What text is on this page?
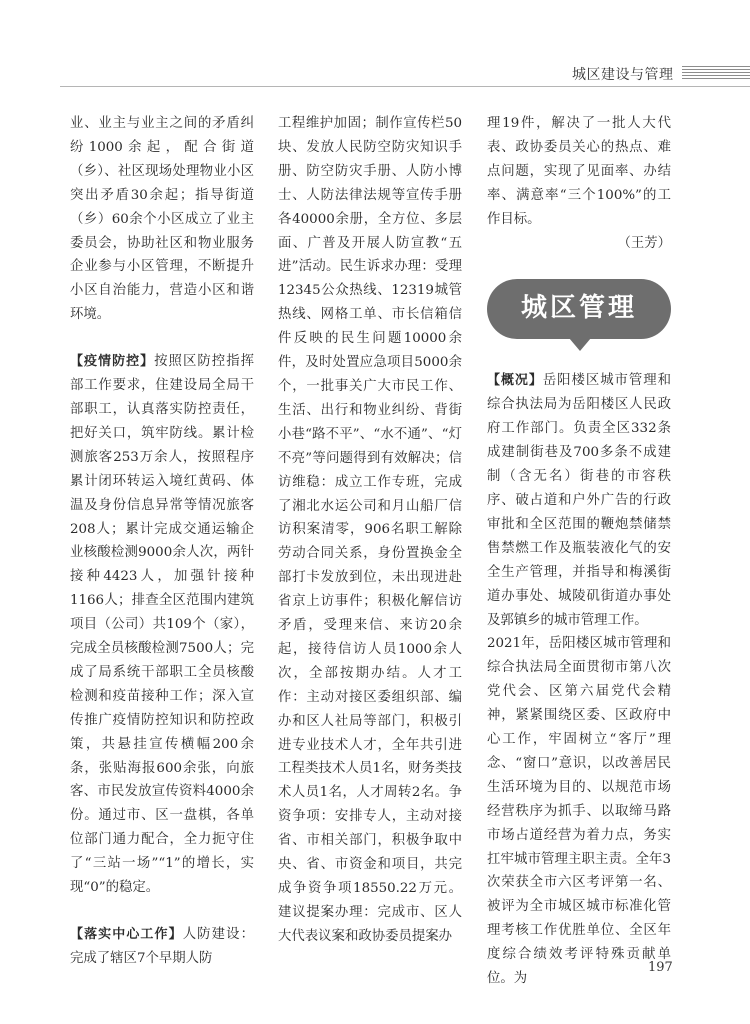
城区建设与管理

业、业主与业主之间的矛盾纠纷1000余起，配合街道（乡）、社区现场处理物业小区突出矛盾30余起；指导街道（乡）60余个小区成立了业主委员会，协助社区和物业服务企业参与小区管理，不断提升小区自治能力，营造小区和谐环境。

【疫情防控】按照区防控指挥部工作要求，住建设局全局干部职工，认真落实防控责任，把好关口，筑牢防线。累计检测旅客253万余人，按照程序累计闭环转运入境红黄码、体温及身份信息异常等情况旅客208人；累计完成交通运输企业核酸检测9000余人次，两针接种4423人，加强针接种1166人；排查全区范围内建筑项目（公司）共109个（家），完成全员核酸检测7500人；完成了局系统干部职工全员核酸检测和疫苗接种工作；深入宣传推广疫情防控知识和防控政策，共悬挂宣传横幅200余条，张贴海报600余张，向旅客、市民发放宣传资料4000余份。通过市、区一盘棋，各单位部门通力配合，全力扼守住了“三站一场”“1”的增长，实现“0”的稳定。

【落实中心工作】人防建设：完成了辖区7个早期人防

工程维护加固；制作宣传栏50块、发放人民防空防灾知识手册、防空防灾手册、人防小博士、人防法律法规等宣传手册各40000余册，全方位、多层面、广普及开展人防宣教“五进”活动。民生诉求办理：受理12345公众热线、12319城管热线、网格工单、市长信箱信件反映的民生问题10000余件，及时处置应急项目5000余个，一批事关广大市民工作、生活、出行和物业纠纷、背街小巷“路不平”、“水不通”、“灯不亮”等问题得到有效解决；信访维稳：成立工作专班，完成了湘北水运公司和月山船厂信访积案清零，906名职工解除劳动合同关系，身份置换金全部打卡发放到位，未出现进赴省京上访事件；积极化解信访矛盾，受理来信、来访20余起，接待信访人员1000余人次，全部按期办结。人才工作：主动对接区委组织部、编办和区人社局等部门，积极引进专业技术人才，全年共引进工程类技术人员1名，财务类技术人员1名，人才周转2名。争资争项：安排专人，主动对接省、市相关部门，积极争取中央、省、市资金和项目，共完成争资争项18550.22万元。建议提案办理：完成市、区人大代表议案和政协委员提案办

理19件，解决了一批人大代表、政协委员关心的热点、难点问题，实现了见面率、办结率、满意率“三个100%”的工作目标。

（王芳）

城区管理

【概况】岳阳楼区城市管理和综合执法局为岳阳楼区人民政府工作部门。负责全区332条成建制街巷及700多条不成建制（含无名）街巷的市容秩序、破占道和户外广告的行政审批和全区范围的鞭炮禁储禁售禁燃工作及瓶装液化气的安全生产管理，并指导和梅溪街道办事处、城陵矶街道办事处及郭镇乡的城市管理工作。

2021年，岳阳楼区城市管理和综合执法局全面贯彻市第八次党代会、区第六届党代会精神，紧紧围绕区委、区政府中心工作，牢固树立“客厅”理念、“窗口”意识，以改善居民生活环境为目的、以规范市场经营秩序为抓手、以取缔马路市场占道经营为着力点，务实扛牢城市管理主职主责。全年3次荣获全市六区考评第一名、被评为全市城区城市标准化管理考核工作优胜单位、全区年度综合绩效考评特殊贡献单位。为

197
